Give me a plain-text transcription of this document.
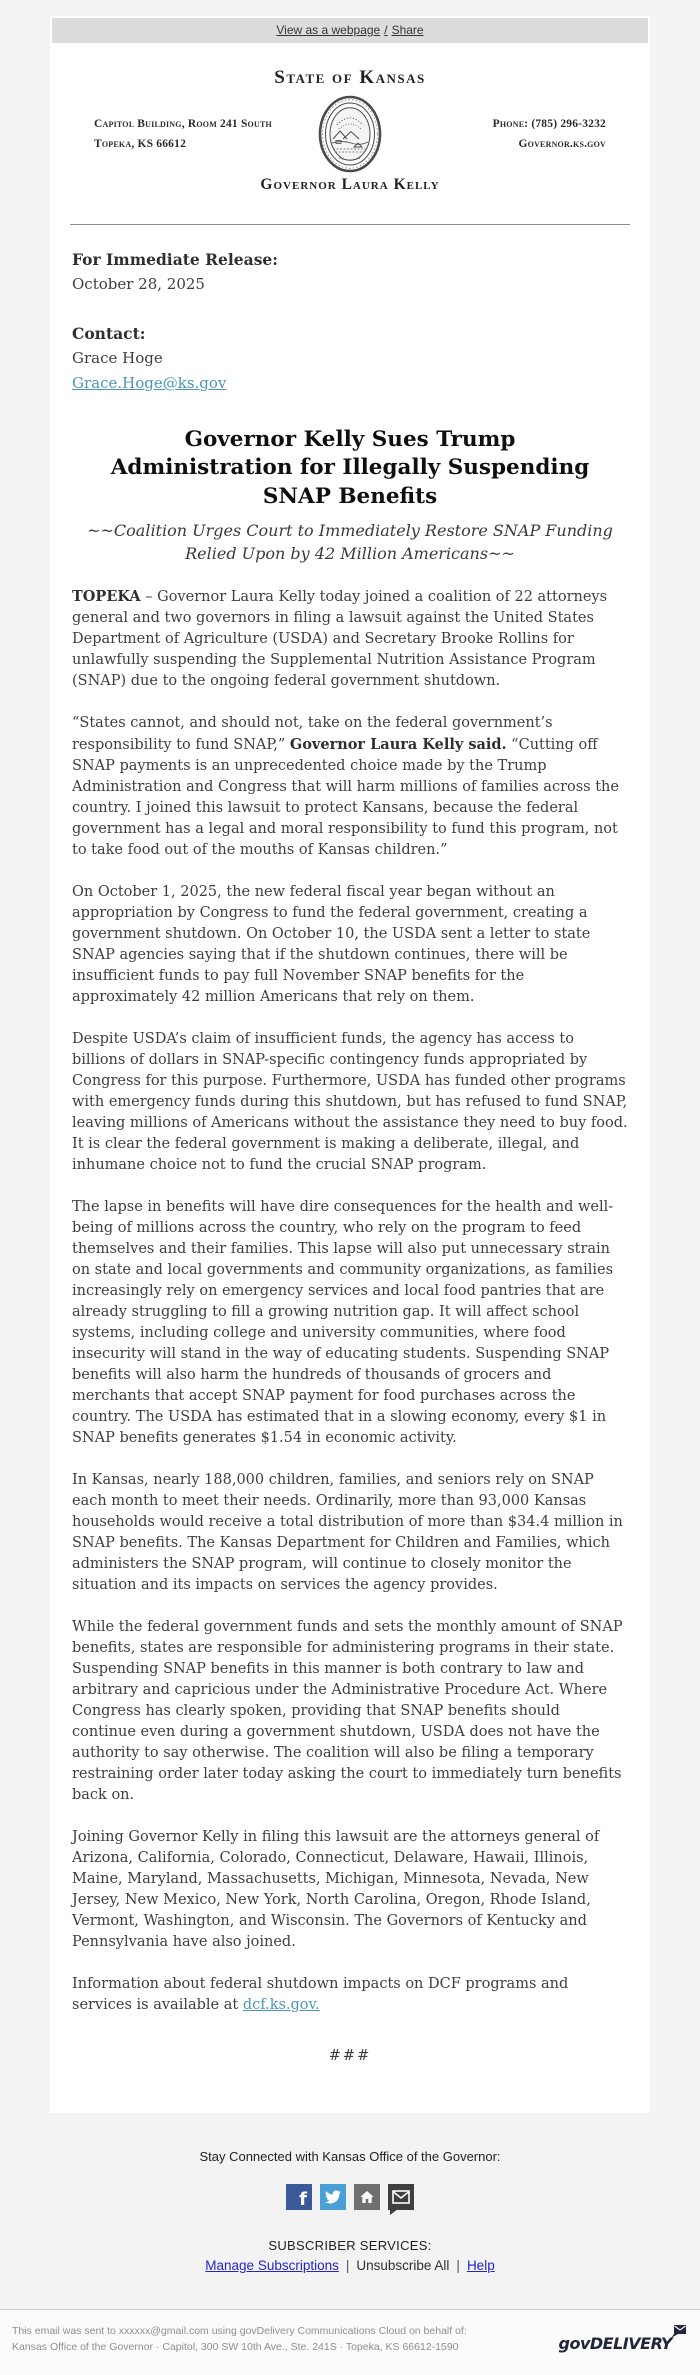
View as a webpage / Share
State of Kansas
Capitol Building, Room 241 South
Topeka, KS 66612
Phone: (785) 296-3232
Governor.ks.gov
Governor Laura Kelly

For Immediate Release:

October 28, 2025

Contact:

Grace Hoge

Grace.Hoge@ks.gov

Governor Kelly Sues Trump Administration for Illegally Suspending SNAP Benefits
~~Coalition Urges Court to Immediately Restore SNAP Funding
Relied Upon by 42 Million Americans~~

TOPEKA – Governor Laura Kelly today joined a coalition of 22 attorneys general and two governors in filing a lawsuit against the United States Department of Agriculture (USDA) and Secretary Brooke Rollins for unlawfully suspending the Supplemental Nutrition Assistance Program (SNAP) due to the ongoing federal government shutdown.

“States cannot, and should not, take on the federal government’s responsibility to fund SNAP,” Governor Laura Kelly said. “Cutting off SNAP payments is an unprecedented choice made by the Trump Administration and Congress that will harm millions of families across the country. I joined this lawsuit to protect Kansans, because the federal government has a legal and moral responsibility to fund this program, not to take food out of the mouths of Kansas children.”

On October 1, 2025, the new federal fiscal year began without an appropriation by Congress to fund the federal government, creating a government shutdown. On October 10, the USDA sent a letter to state SNAP agencies saying that if the shutdown continues, there will be insufficient funds to pay full November SNAP benefits for the approximately 42 million Americans that rely on them.

Despite USDA’s claim of insufficient funds, the agency has access to billions of dollars in SNAP-specific contingency funds appropriated by Congress for this purpose. Furthermore, USDA has funded other programs with emergency funds during this shutdown, but has refused to fund SNAP, leaving millions of Americans without the assistance they need to buy food. It is clear the federal government is making a deliberate, illegal, and inhumane choice not to fund the crucial SNAP program.

The lapse in benefits will have dire consequences for the health and well-being of millions across the country, who rely on the program to feed themselves and their families. This lapse will also put unnecessary strain on state and local governments and community organizations, as families increasingly rely on emergency services and local food pantries that are already struggling to fill a growing nutrition gap. It will affect school systems, including college and university communities, where food insecurity will stand in the way of educating students. Suspending SNAP benefits will also harm the hundreds of thousands of grocers and merchants that accept SNAP payment for food purchases across the country. The USDA has estimated that in a slowing economy, every $1 in SNAP benefits generates $1.54 in economic activity.

In Kansas, nearly 188,000 children, families, and seniors rely on SNAP each month to meet their needs. Ordinarily, more than 93,000 Kansas households would receive a total distribution of more than $34.4 million in SNAP benefits. The Kansas Department for Children and Families, which administers the SNAP program, will continue to closely monitor the situation and its impacts on services the agency provides.

While the federal government funds and sets the monthly amount of SNAP benefits, states are responsible for administering programs in their state. Suspending SNAP benefits in this manner is both contrary to law and arbitrary and capricious under the Administrative Procedure Act. Where Congress has clearly spoken, providing that SNAP benefits should continue even during a government shutdown, USDA does not have the authority to say otherwise. The coalition will also be filing a temporary restraining order later today asking the court to immediately turn benefits back on.

Joining Governor Kelly in filing this lawsuit are the attorneys general of Arizona, California, Colorado, Connecticut, Delaware, Hawaii, Illinois, Maine, Maryland, Massachusetts, Michigan, Minnesota, Nevada, New Jersey, New Mexico, New York, North Carolina, Oregon, Rhode Island, Vermont, Washington, and Wisconsin. The Governors of Kentucky and Pennsylvania have also joined.

Information about federal shutdown impacts on DCF programs and services is available at dcf.ks.gov.

###

Stay Connected with Kansas Office of the Governor:
f
SUBSCRIBER SERVICES:
Manage Subscriptions | Unsubscribe All | Help
This email was sent to xxxxxx@gmail.com using govDelivery Communications Cloud on behalf of: Kansas Office of the Governor · Capitol, 300 SW 10th Ave., Ste. 241S · Topeka, KS 66612-1590	govDELIVERY
